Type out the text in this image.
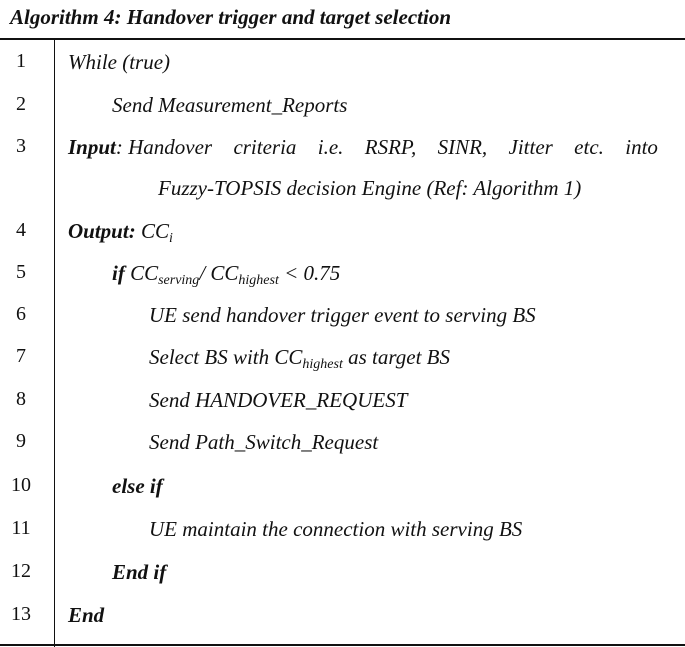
Algorithm 4: Handover trigger and target selection
1	While (true)
2	Send Measurement_Reports
3	Input: Handover criteria i.e. RSRP, SINR, Jitter etc. into
Fuzzy-TOPSIS decision Engine (Ref: Algorithm 1)
4	Output: $CC_i$
5	if $CC_{serving}/$ $CC_{highest} < 0.75$
6	UE send handover trigger event to serving BS
7	Select BS with $CC_{highest}$ as target BS
8	Send HANDOVER_REQUEST
9	Send Path_Switch_Request
10	else if
11	UE maintain the connection with serving BS
12	End if
13	End
